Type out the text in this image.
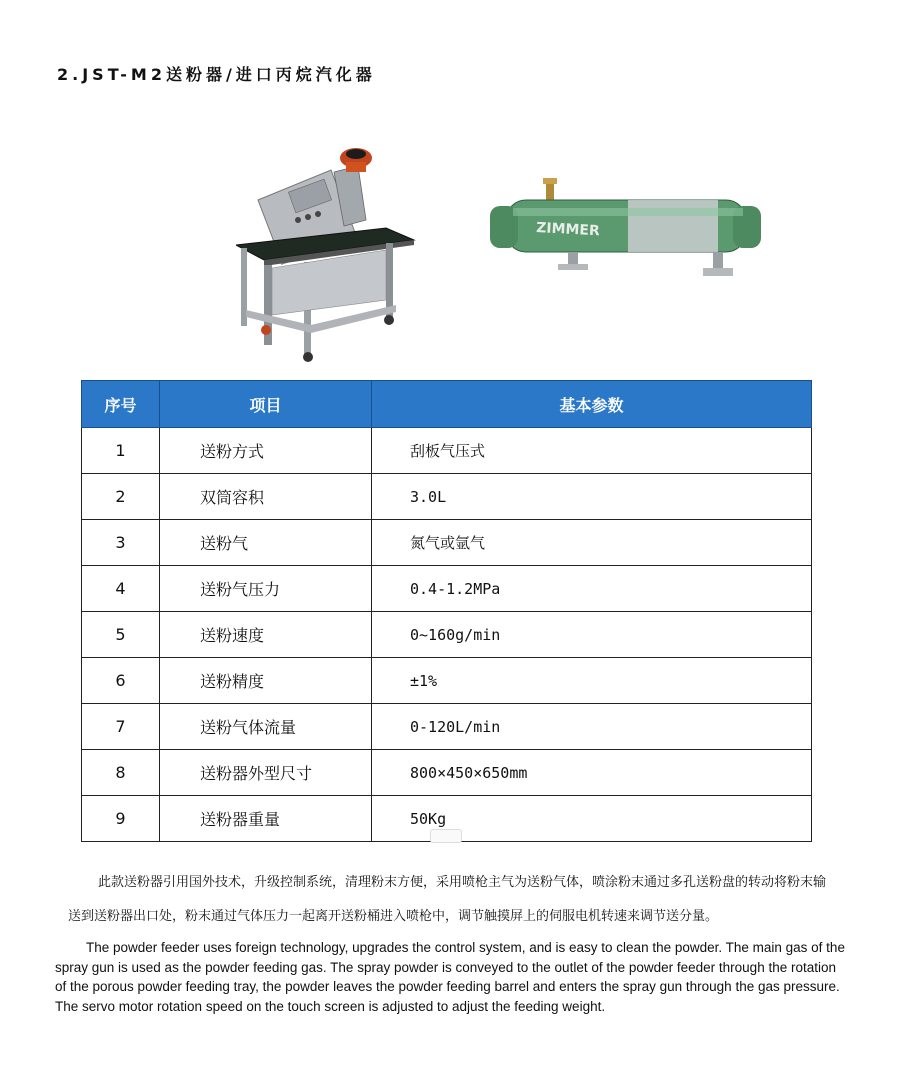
2.JST-M2送粉器/进口丙烷汽化器
ZIMMER
序号	项目	基本参数
1	送粉方式	刮板气压式
2	双筒容积	3.0L
3	送粉气	氮气或氩气
4	送粉气压力	0.4-1.2MPa
5	送粉速度	0~160g/min
6	送粉精度	±1%
7	送粉气体流量	0-120L/min
8	送粉器外型尺寸	800×450×650mm
9	送粉器重量	50Kg

此款送粉器引用国外技术，升级控制系统，清理粉末方便，采用喷枪主气为送粉气体，喷涂粉末通过多孔送粉盘的转动将粉末输送到送粉器出口处，粉末通过气体压力一起离开送粉桶进入喷枪中，调节触摸屏上的伺服电机转速来调节送分量。

The powder feeder uses foreign technology, upgrades the control system, and is easy to clean the powder. The main gas of the spray gun is used as the powder feeding gas. The spray powder is conveyed to the outlet of the powder feeder through the rotation of the porous powder feeding tray, the powder leaves the powder feeding barrel and enters the spray gun through the gas pressure. The servo motor rotation speed on the touch screen is adjusted to adjust the feeding weight.
